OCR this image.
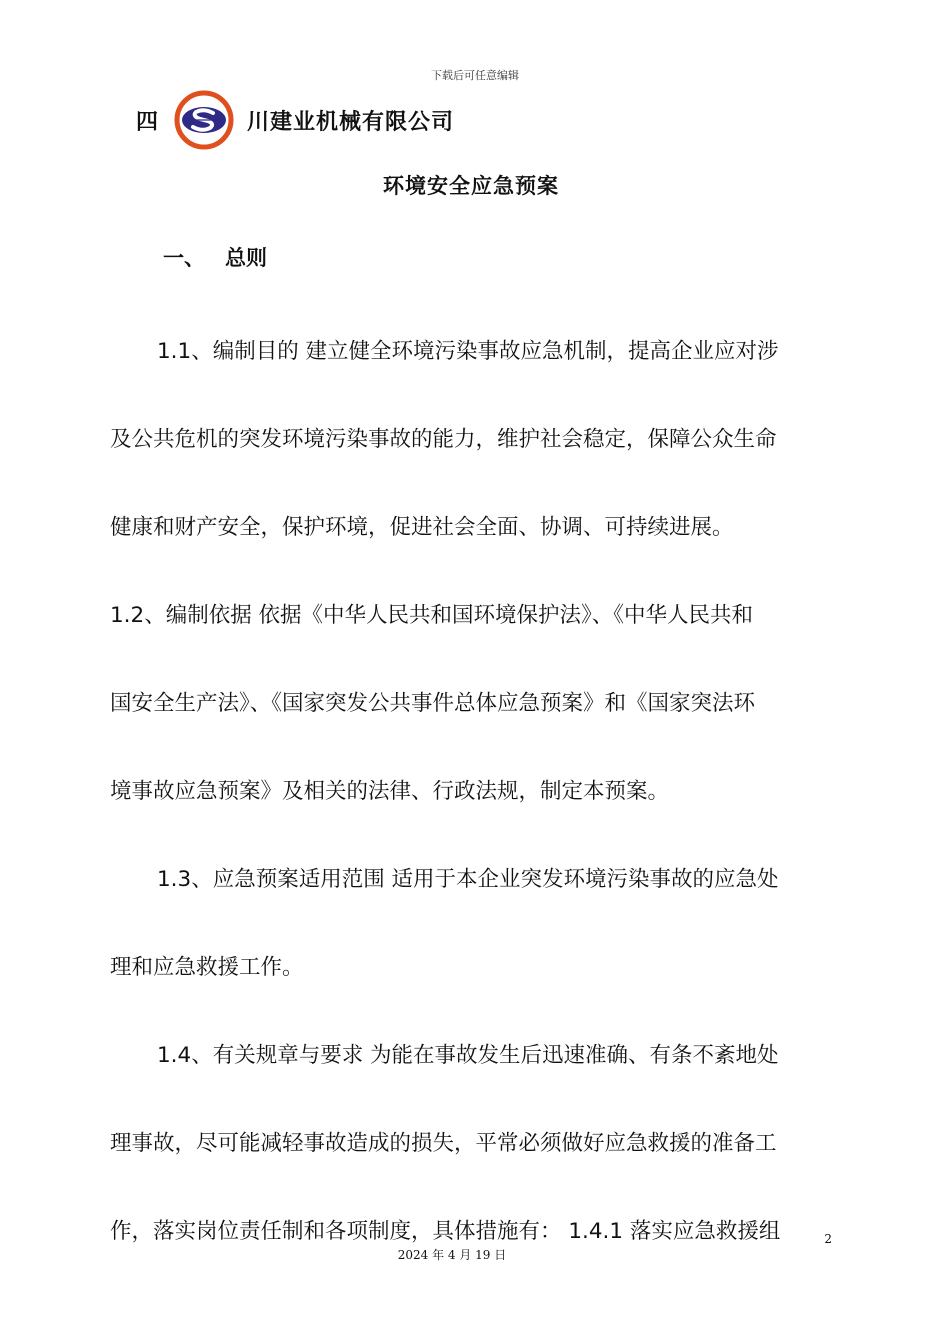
下载后可任意编辑
四	川建业机械有限公司
环境安全应急预案
一、 总则
1.1、编制目的 建立健全环境污染事故应急机制，提高企业应对涉
及公共危机的突发环境污染事故的能力，维护社会稳定，保障公众生命
健康和财产安全，保护环境，促进社会全面、协调、可持续进展。
1.2、编制依据 依据《中华人民共和国环境保护法》、《中华人民共和
国安全生产法》、《国家突发公共事件总体应急预案》和《国家突法环
境事故应急预案》及相关的法律、行政法规，制定本预案。
1.3、应急预案适用范围 适用于本企业突发环境污染事故的应急处
理和应急救援工作。
1.4、有关规章与要求 为能在事故发生后迅速准确、有条不紊地处
理事故，尽可能减轻事故造成的损失，平常必须做好应急救援的准备工
作，落实岗位责任制和各项制度，具体措施有： 1.4.1 落实应急救援组	2
2024 年 4 月 19 日
